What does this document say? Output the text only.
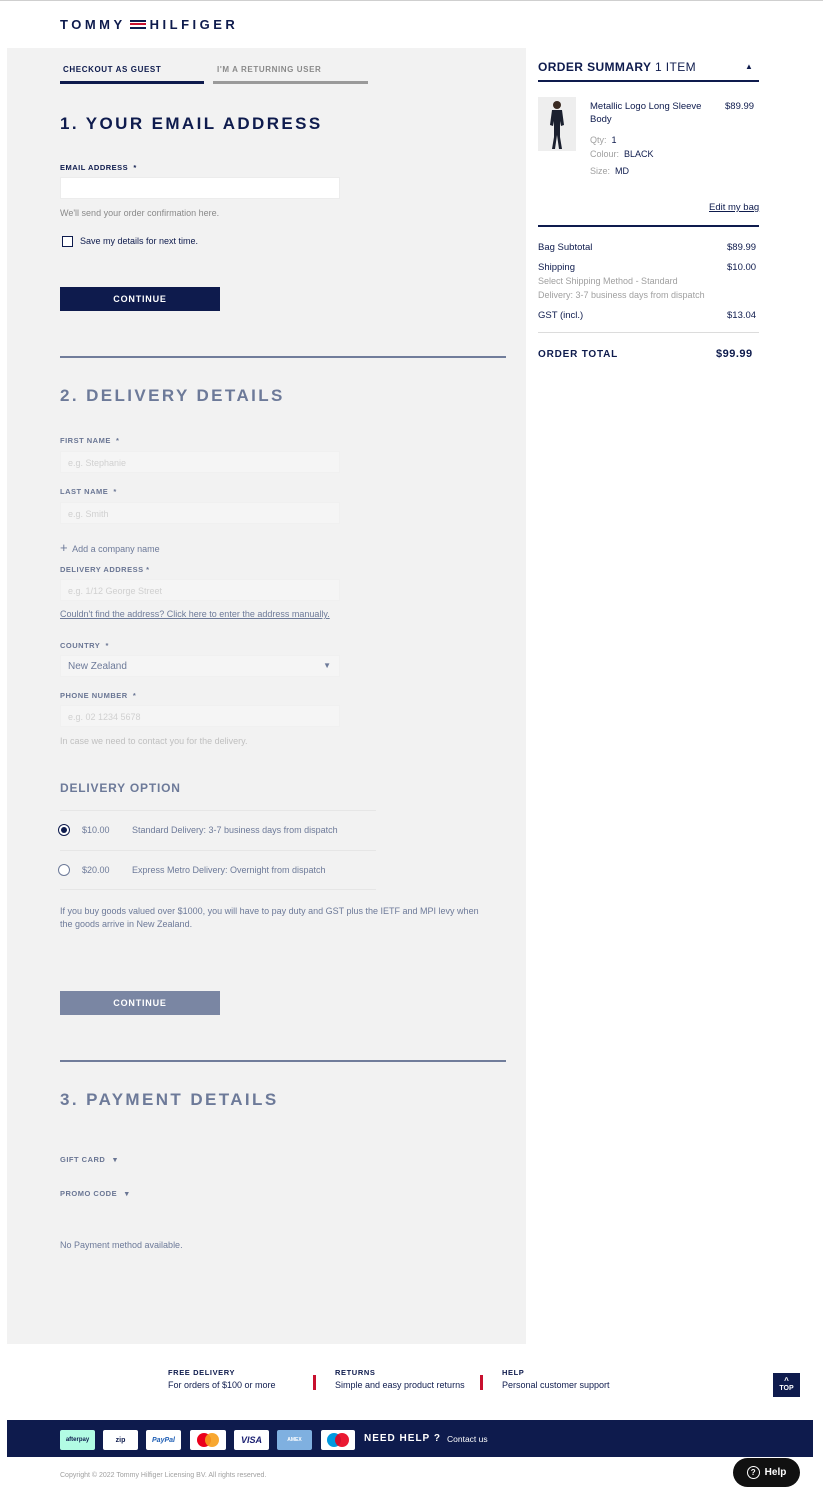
TOMMY HILFIGER
CHECKOUT AS GUEST	I'M A RETURNING USER
1. YOUR EMAIL ADDRESS
EMAIL ADDRESS *
We'll send your order confirmation here.
Save my details for next time.
CONTINUE
2. DELIVERY DETAILS
FIRST NAME *
e.g. Stephanie
LAST NAME *
e.g. Smith
+ Add a company name
DELIVERY ADDRESS *
e.g. 1/12 George Street
Couldn't find the address? Click here to enter the address manually.
COUNTRY *
New Zealand	▼
PHONE NUMBER *
e.g. 02 1234 5678
In case we need to contact you for the delivery.
DELIVERY OPTION
$10.00 Standard Delivery: 3-7 business days from dispatch
$20.00 Express Metro Delivery: Overnight from dispatch
If you buy goods valued over $1000, you will have to pay duty and GST plus the IETF and MPI levy when
the goods arrive in New Zealand.
CONTINUE
3. PAYMENT DETAILS
GIFT CARD ▾
PROMO CODE ▾
No Payment method available.
ORDER SUMMARY 1 ITEM	▲
Metallic Logo Long Sleeve
Body
$89.99
Qty: 1
Colour: BLACK
Size: MD
Edit my bag
Bag Subtotal	$89.99
Shipping	$10.00
Select Shipping Method - Standard
Delivery: 3-7 business days from dispatch
GST (incl.)	$13.04
ORDER TOTAL	$99.99
FREE DELIVERY
For orders of $100 or more
RETURNS
Simple and easy product returns
HELP
Personal customer support	^
TOP
afterpay	zip	PayPal	VISA	AMEX	NEED HELP ? Contact us
Copyright © 2022 Tommy Hilfiger Licensing BV. All rights reserved.	? Help
